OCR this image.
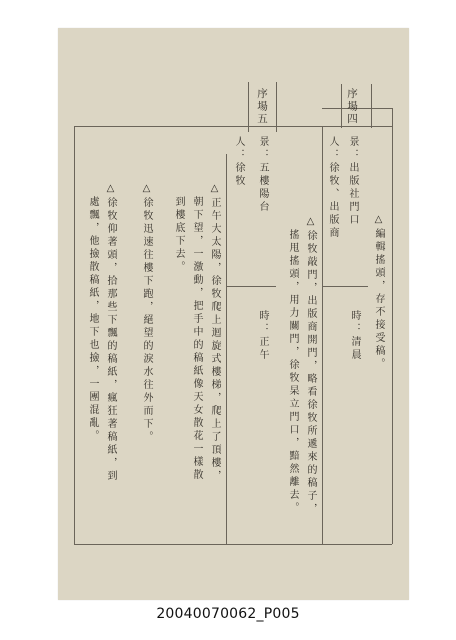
序場四
景：出版社門口
人：徐牧、出版商
△編輯搖頭，存不接受稿。
時：清晨
△徐牧敲門，出版商開門，略看徐牧所遞來的稿子，
　搖甩搖頭，用力關門，徐牧杲立門口，黯然離去。
序場五
景：五樓陽台
人：徐牧
時：正午
△正午大太陽，徐牧爬上迴旋式樓梯，爬上了頂樓，
　朝下望，一激動，把手中的稿紙像天女散花一樣散
　到樓底下去。
△徐牧迅速往樓下跑，絕望的淚水往外而下。
△徐牧仰著頭，拾那些下飄的稿紙，瘋狂著稿紙，到
　處飄，他撿散稿紙，地下也撿，一團混亂。
20040070062_P005
